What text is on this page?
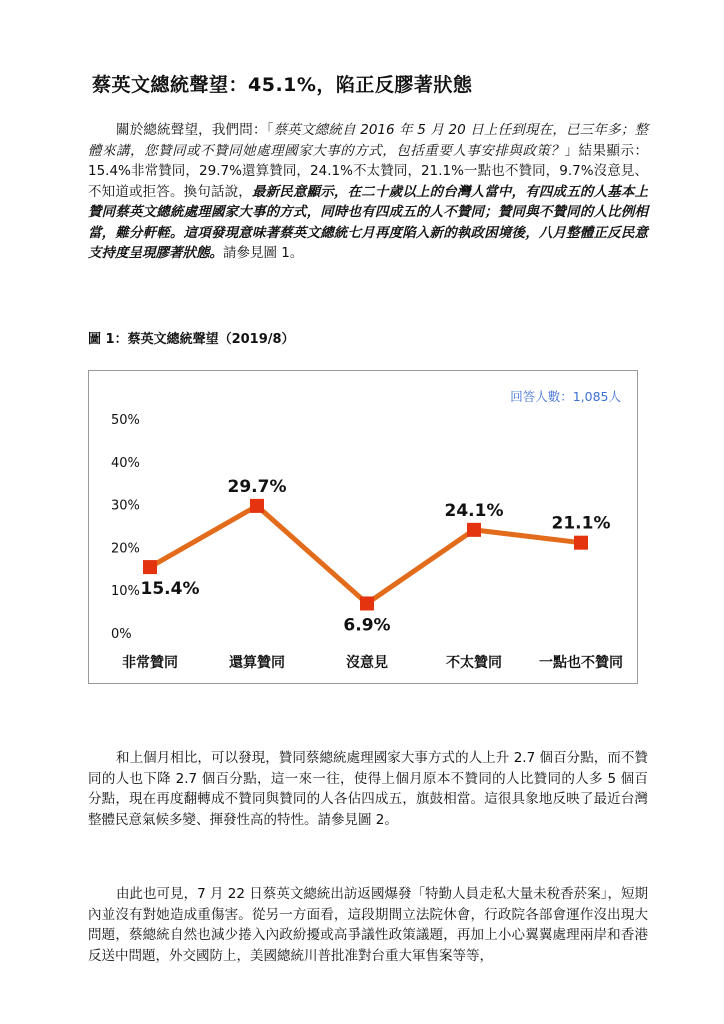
蔡英文總統聲望：45.1%，陷正反膠著狀態
關於總統聲望，我們問：「蔡英文總統自 2016 年 5 月 20 日上任到現在，已三年多；整體來講，您贊同或不贊同她處理國家大事的方式，包括重要人事安排與政策？」結果顯示：15.4%非常贊同，29.7%還算贊同，24.1%不太贊同，21.1%一點也不贊同，9.7%沒意見、不知道或拒答。換句話說，最新民意顯示，在二十歲以上的台灣人當中，有四成五的人基本上贊同蔡英文總統處理國家大事的方式，同時也有四成五的人不贊同；贊同與不贊同的人比例相當，難分軒輊。這項發現意味著蔡英文總統七月再度陷入新的執政困境後，八月整體正反民意支持度呈現膠著狀態。請參見圖 1。
圖 1：蔡英文總統聲望（2019/8）
0%
10%
20%
30%
40%
50%
非常贊同	還算贊同	沒意見	不太贊同	一點也不贊同
15.4%
29.7%
6.9%
24.1%
21.1%
回答人數：1,085人
和上個月相比，可以發現，贊同蔡總統處理國家大事方式的人上升 2.7 個百分點，而不贊同的人也下降 2.7 個百分點，這一來一往，使得上個月原本不贊同的人比贊同的人多 5 個百分點，現在再度翻轉成不贊同與贊同的人各佔四成五，旗鼓相當。這很具象地反映了最近台灣整體民意氣候多變、揮發性高的特性。請參見圖 2。
由此也可見，7 月 22 日蔡英文總統出訪返國爆發「特勤人員走私大量未稅香菸案」，短期內並沒有對她造成重傷害。從另一方面看，這段期間立法院休會，行政院各部會運作沒出現大問題，蔡總統自然也減少捲入內政紛擾或高爭議性政策議題，再加上小心翼翼處理兩岸和香港反送中問題，外交國防上，美國總統川普批准對台重大軍售案等等，
